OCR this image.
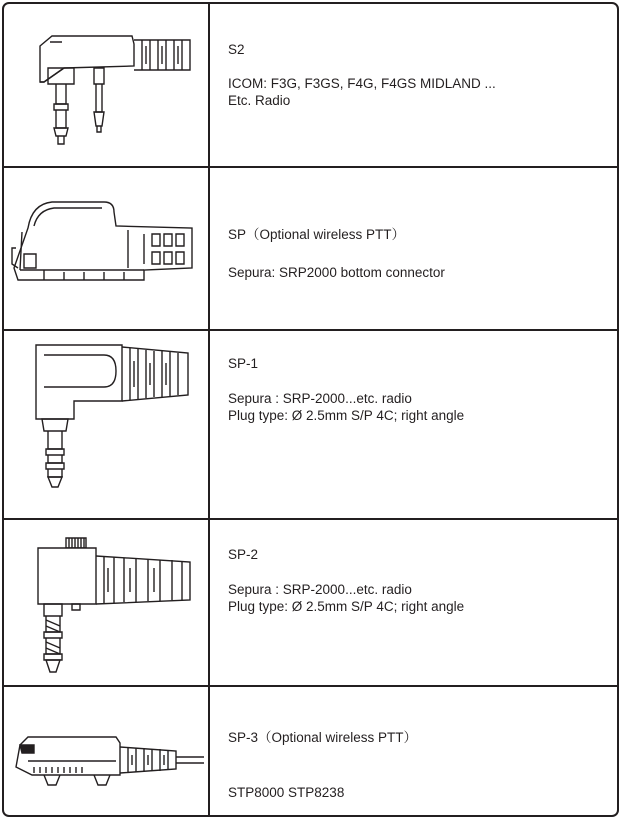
S2
ICOM: F3G, F3GS, F4G, F4GS MIDLAND ...
Etc. Radio
SP（Optional wireless PTT）
Sepura: SRP2000 bottom connector
SP-1
Sepura : SRP-2000...etc. radio
Plug type: Ø 2.5mm S/P 4C; right angle
SP-2
Sepura : SRP-2000...etc. radio
Plug type: Ø 2.5mm S/P 4C; right angle
SP-3（Optional wireless PTT）
STP8000 STP8238
